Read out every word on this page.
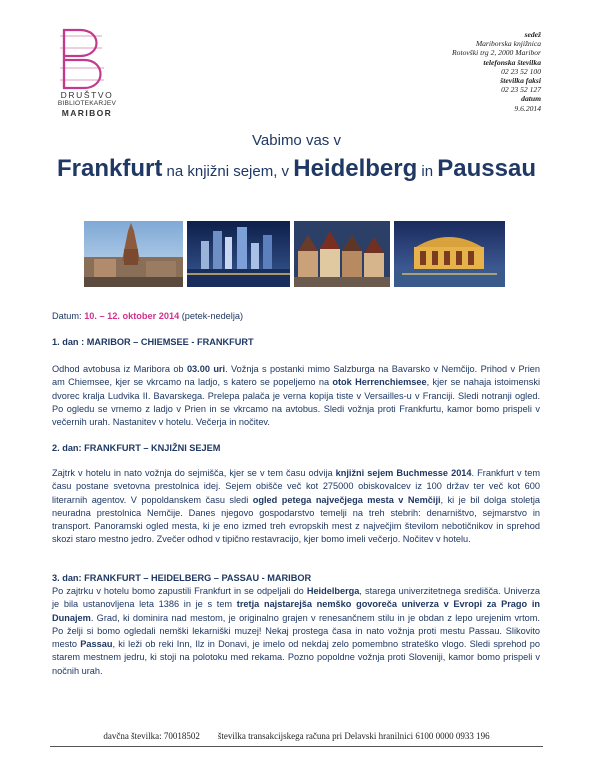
DRUŠTVO
BIBLIOTEKARJEV
MARIBOR
sedež
Mariborska knjižnica
Rotovški trg 2, 2000 Maribor
telefonska številka
02 23 52 100
številka faksi
02 23 52 127
datum
9.6.2014
Vabimo vas v
Frankfurt na knjižni sejem, v Heidelberg in Paussau
Datum: 10. – 12. oktober 2014 (petek-nedelja)
1. dan : MARIBOR – CHIEMSEE - FRANKFURT
Odhod avtobusa iz Maribora ob 03.00 uri. Vožnja s postanki mimo Salzburga na Bavarsko v Nemčijo. Prihod v Prien am Chiemsee, kjer se vkrcamo na ladjo, s katero se popeljemo na otok Herrenchiemsee, kjer se nahaja istoimenski dvorec kralja Ludvika II. Bavarskega. Prelepa palača je verna kopija tiste v Versailles-u v Franciji. Sledi notranji ogled. Po ogledu se vrnemo z ladjo v Prien in se vkrcamo na avtobus. Sledi vožnja proti Frankfurtu, kamor bomo prispeli v večernih urah. Nastanitev v hotelu. Večerja in nočitev.
2. dan: FRANKFURT – KNJIŽNI SEJEM
Zajtrk v hotelu in nato vožnja do sejmišča, kjer se v tem času odvija knjižni sejem Buchmesse 2014. Frankfurt v tem času postane svetovna prestolnica idej. Sejem obišče več kot 275000 obiskovalcev iz 100 držav ter več kot 600 literarnih agentov. V popoldanskem času sledi ogled petega največjega mesta v Nemčiji, ki je bil dolga stoletja neuradna prestolnica Nemčije. Danes njegovo gospodarstvo temelji na treh stebrih: denarništvo, sejmarstvo in transport. Panoramski ogled mesta, ki je eno izmed treh evropskih mest z največjim številom nebotičnikov in sprehod skozi staro mestno jedro. Zvečer odhod v tipično restavracijo, kjer bomo imeli večerjo. Nočitev v hotelu.
3. dan: FRANKFURT – HEIDELBERG – PASSAU - MARIBOR
Po zajtrku v hotelu bomo zapustili Frankfurt in se odpeljali do Heidelberga, starega univerzitetnega središča. Univerza je bila ustanovljena leta 1386 in je s tem tretja najstarejša nemško govoreča univerza v Evropi za Prago in Dunajem. Grad, ki dominira nad mestom, je originalno grajen v renesančnem stilu in je obdan z lepo urejenim vrtom. Po želji si bomo ogledali nemški lekarniški muzej! Nekaj prostega časa in nato vožnja proti mestu Passau. Slikovito mesto Passau, ki leži ob reki Inn, Ilz in Donavi, je imelo od nekdaj zelo pomembno strateško vlogo. Sledi sprehod po starem mestnem jedru, ki stoji na polotoku med rekama. Pozno popoldne vožnja proti Sloveniji, kamor bomo prispeli v nočnih urah.
davčna številka: 70018502        številka transakcijskega računa pri Delavski hranilnici 6100 0000 0933 196
